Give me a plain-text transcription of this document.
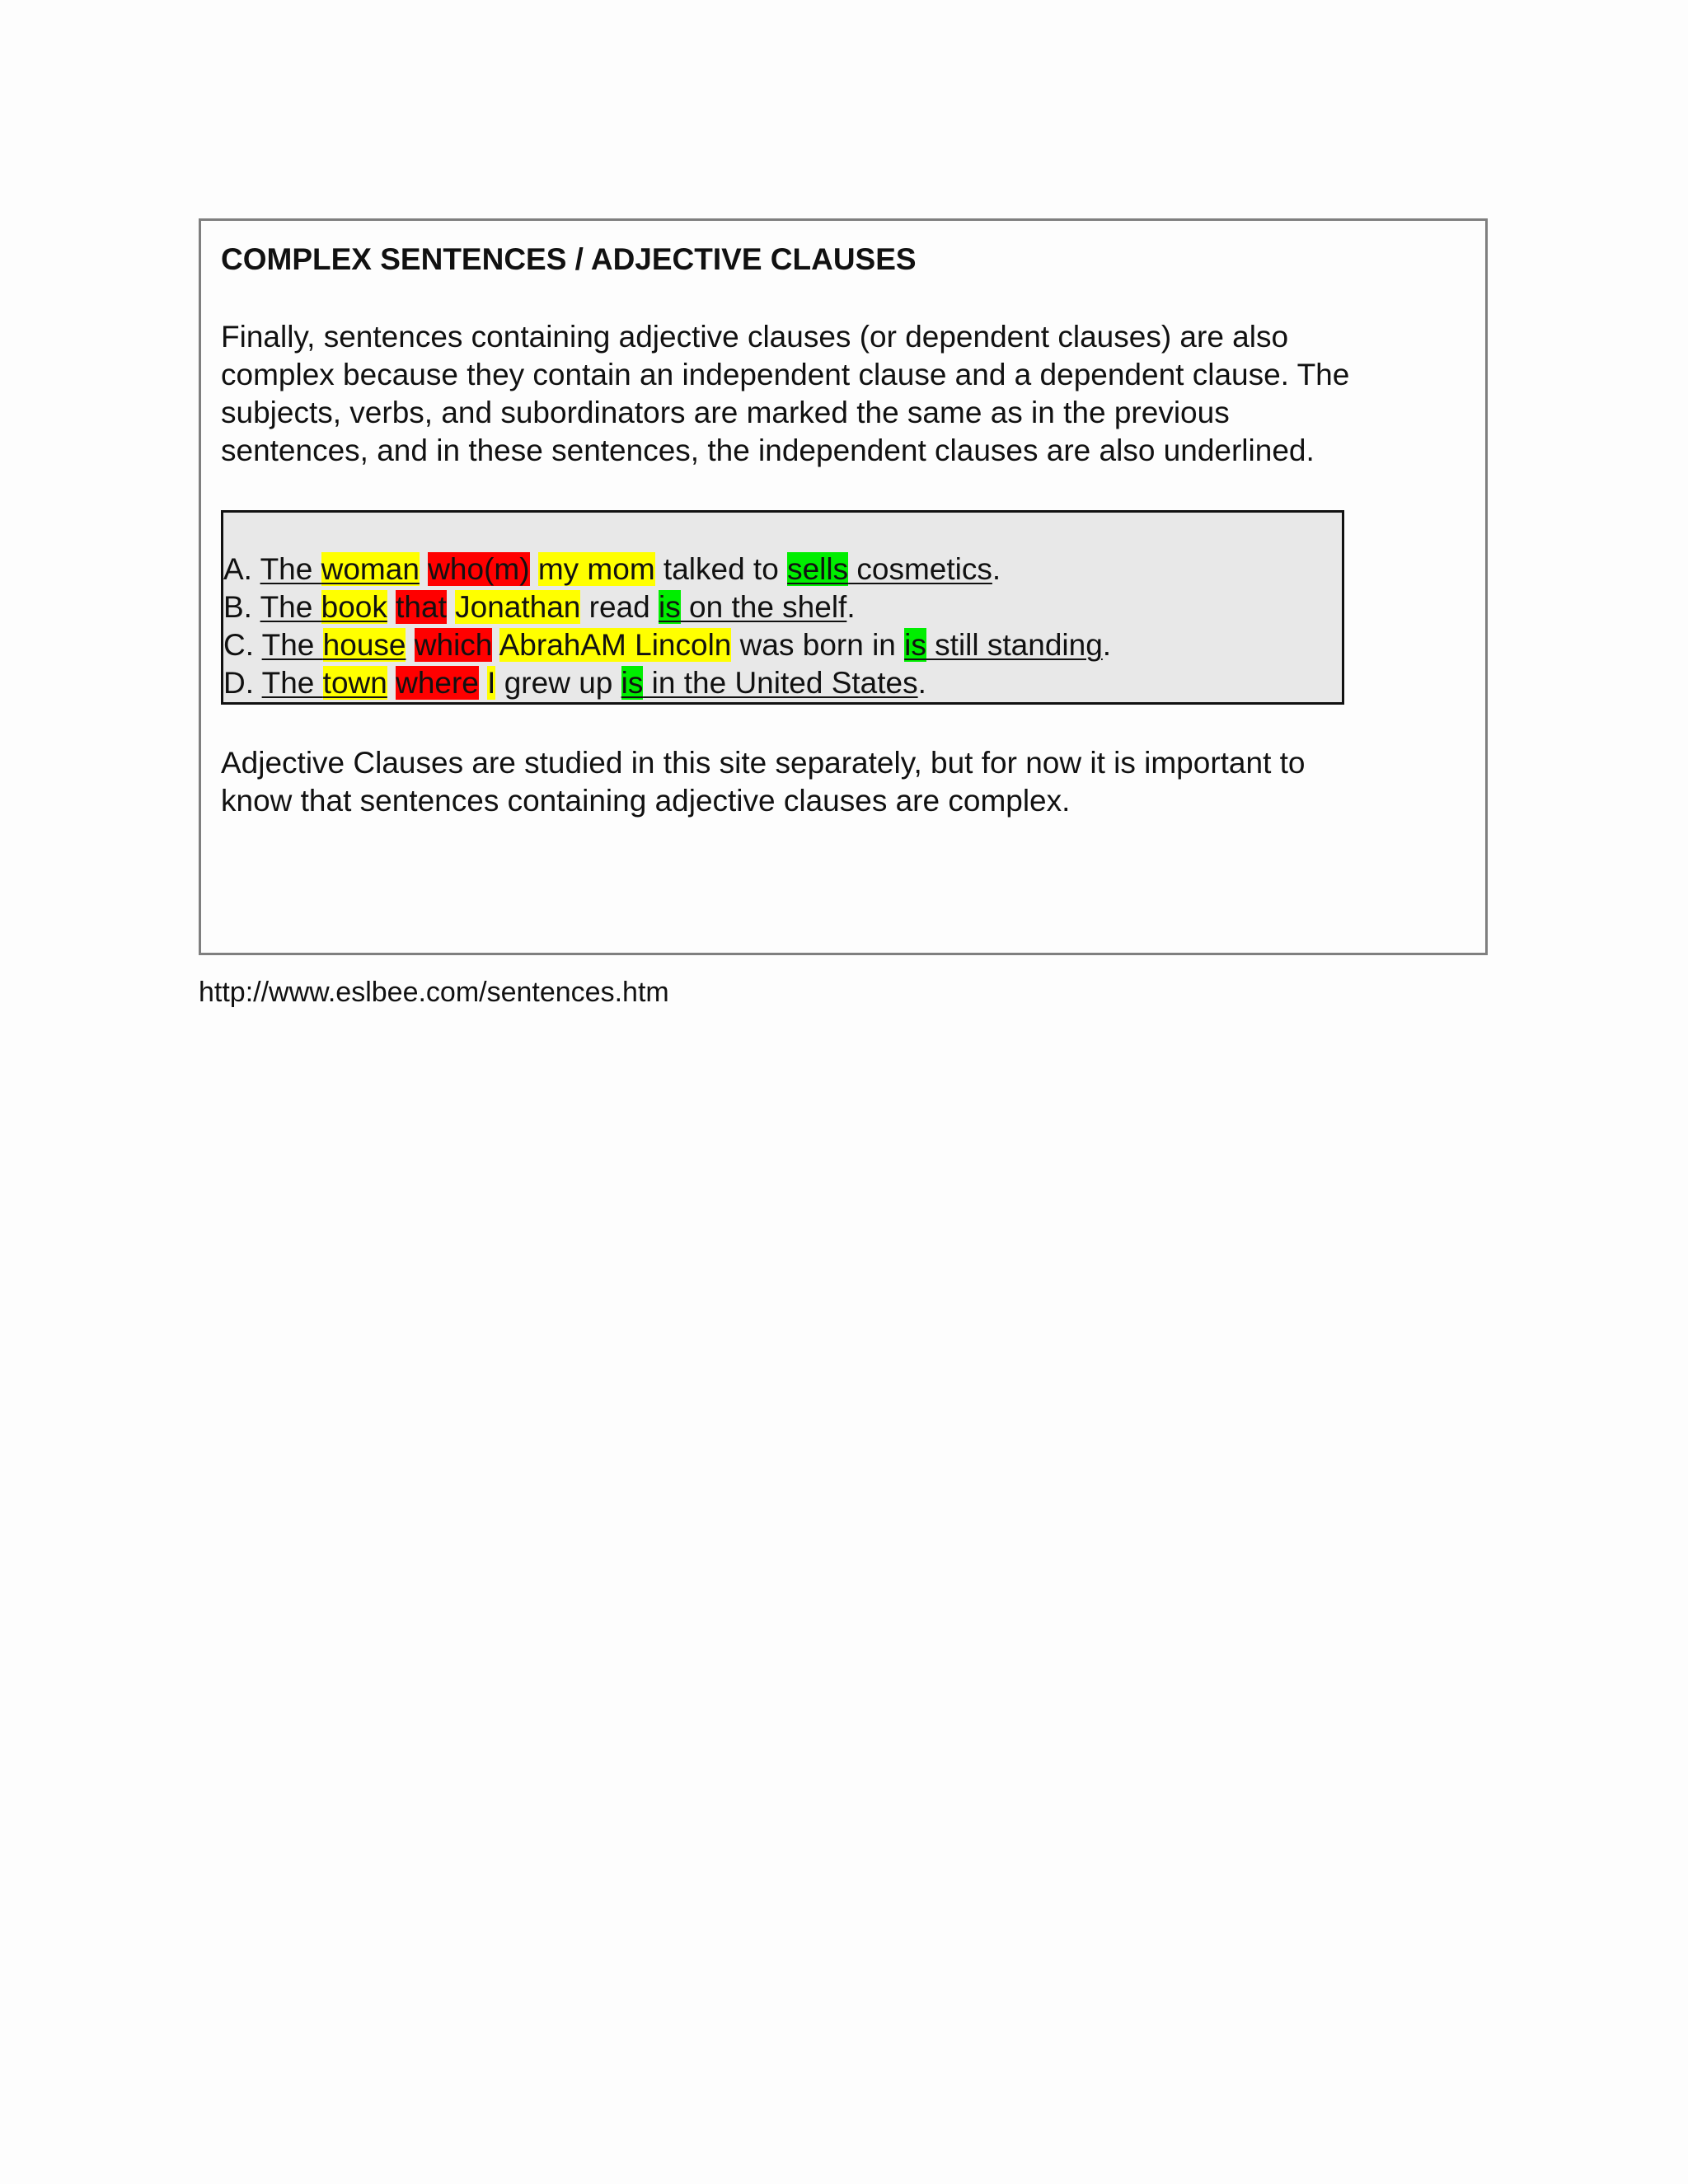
COMPLEX SENTENCES / ADJECTIVE CLAUSES

Finally, sentences containing adjective clauses (or dependent clauses) are also
complex because they contain an independent clause and a dependent clause. The
subjects, verbs, and subordinators are marked the same as in the previous
sentences, and in these sentences, the independent clauses are also underlined.

A. The woman who(m) my mom talked to sells cosmetics.
B. The book that Jonathan read is on the shelf.
C. The house which AbrahAM Lincoln was born in is still standing.
D. The town where I grew up is in the United States.

Adjective Clauses are studied in this site separately, but for now it is important to
know that sentences containing adjective clauses are complex.

http://www.eslbee.com/sentences.htm
